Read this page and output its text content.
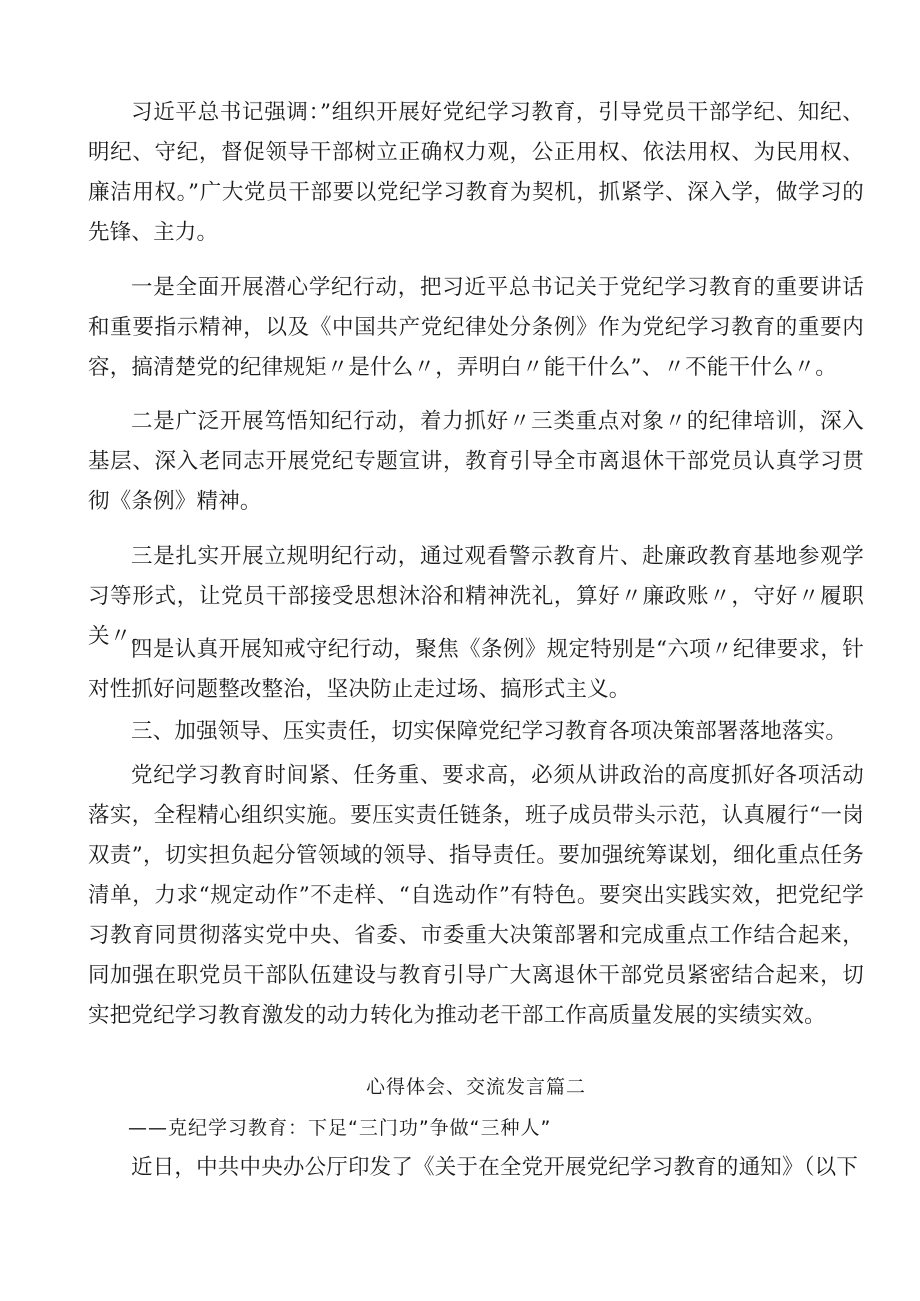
习近平总书记强调：”组织开展好党纪学习教育，引导党员干部学纪、知纪、明纪、守纪，督促领导干部树立正确权力观，公正用权、依法用权、为民用权、廉洁用权。”广大党员干部要以党纪学习教育为契机，抓紧学、深入学，做学习的先锋、主力。

一是全面开展潜心学纪行动，把习近平总书记关于党纪学习教育的重要讲话和重要指示精神，以及《中国共产党纪律处分条例》作为党纪学习教育的重要内容，搞清楚党的纪律规矩〃是什么〃，弄明白〃能干什么”、〃不能干什么〃。

二是广泛开展笃悟知纪行动，着力抓好〃三类重点对象〃的纪律培训，深入基层、深入老同志开展党纪专题宣讲，教育引导全市离退休干部党员认真学习贯彻《条例》精神。

三是扎实开展立规明纪行动，通过观看警示教育片、赴廉政教育基地参观学习等形式，让党员干部接受思想沐浴和精神洗礼，算好〃廉政账〃，守好〃履职关〃。

四是认真开展知戒守纪行动，聚焦《条例》规定特别是“六项〃纪律要求，针对性抓好问题整改整治，坚决防止走过场、搞形式主义。

三、加强领导、压实责任，切实保障党纪学习教育各项决策部署落地落实。

党纪学习教育时间紧、任务重、要求高，必须从讲政治的高度抓好各项活动落实，全程精心组织实施。要压实责任链条，班子成员带头示范，认真履行“一岗双责”，切实担负起分管领域的领导、指导责任。要加强统筹谋划，细化重点任务清单，力求“规定动作”不走样、“自选动作”有特色。要突出实践实效，把党纪学习教育同贯彻落实党中央、省委、市委重大决策部署和完成重点工作结合起来，同加强在职党员干部队伍建设与教育引导广大离退休干部党员紧密结合起来，切实把党纪学习教育激发的动力转化为推动老干部工作高质量发展的实绩实效。

心得体会、交流发言篇二

——克纪学习教育：下足“三门功”争做“三种人”

近日，中共中央办公厅印发了《关于在全党开展党纪学习教育的通知》（以下
